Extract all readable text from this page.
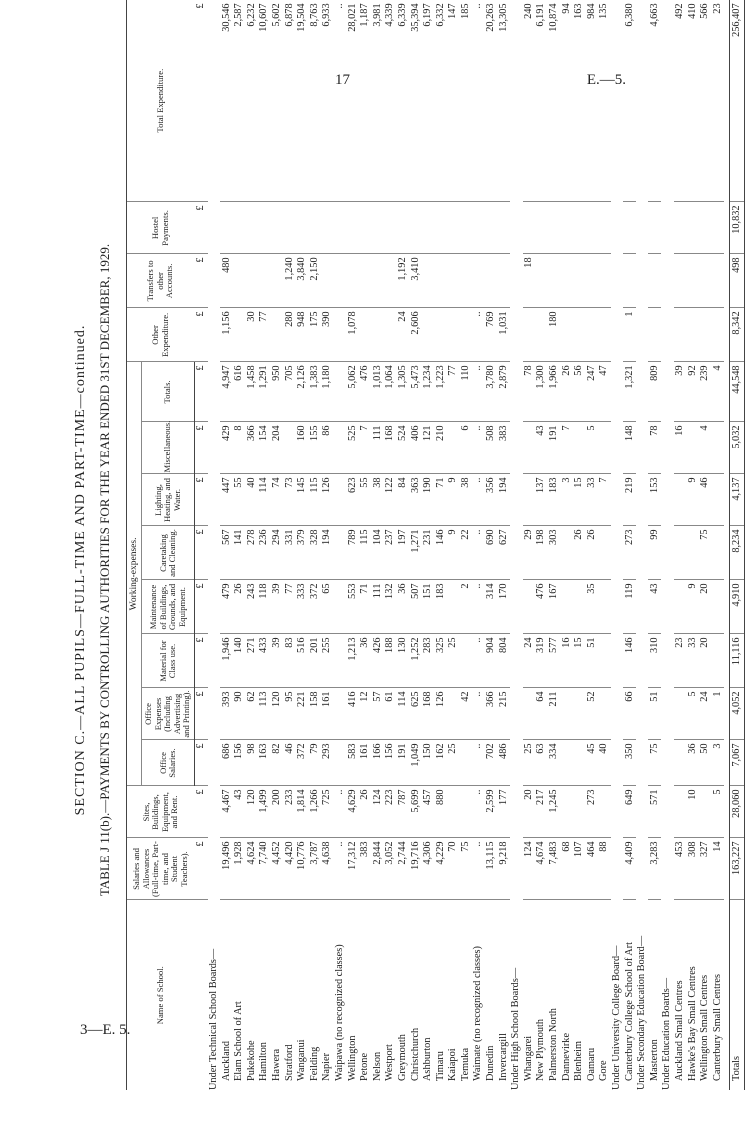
17	E.—5.
3—E. 5.
SECTION C.—ALL PUPILS—FULL-TIME AND PART-TIME—continued. TABLE J 11(b).—PAYMENTS BY CONTROLLING AUTHORITIES FOR THE YEAR ENDED 31ST DECEMBER, 1929.
Name of School.	Salaries and Allowances (Full-time, Part-time, and Student Teachers).	Sites, Buildings, Equipment, and Rent.	Working-expenses.								Other Expenditure.	Transfers to other Accounts.	Hostel Payments.	Total Expenditure.	
			Office Salaries.	Office Expenses (Including Advertising and Printing).	Material for Class use.	Maintenance of Buildings, Grounds, and Equipment.	Caretaking and Cleaning.	Lighting, Heating, and Water.	Miscellaneous.	Totals.					
	£	£	£	£	£	£	£	£	£	£	£	£	£	£	
Under Technical School Boards—															
Auckland	19,496	4,467	686	393	1,946	479	567	447	429	4,947	1,156	480		30,546	
Elam School of Art	1,928	43	156	90	140	26	141	55	8	616				2,587	
Pukekohe	4,624	120	98	62	271	243	278	40	366	1,458	30			6,232	
Hamilton	7,740	1,499	163	113	433	118	236	114	154	1,291	77			10,607	
Hawera	4,452	200	82	120	39	39	294	74	204	950				5,602	
Stratford	4,420	233	46	95	83	77	331	73		705	280	1,240		6,878	
Wanganui	10,776	1,814	372	221	516	333	379	145	160	2,126	948	3,840		19,504	
Feilding	3,787	1,266	79	158	201	372	328	115	155	1,383	175	2,150		8,763	
Napier	4,638	725	293	161	255	65	194	126	86	1,180	390			6,933	
Waipawa (no recognized classes)	..	..												..	
Wellington	17,312	4,629	583	416	1,213	553	789	623	525	5,062	1,078			28,021	
Petone	383	26	161	12	36	71	115	55	7	476				1,187	
Nelson	2,844	124	166	57	426	111	104	38	111	1,013				3,981	
Westport	3,052	223	156	61	188	132	237	122	168	1,064				4,339	
Greymouth	2,744	787	191	114	130	36	197	84	524	1,305	24	1,192		6,339	
Christchurch	19,716	5,699	1,049	625	1,252	507	1,271	363	406	5,473	2,606	3,410		35,394	
Ashburton	4,306	457	150	168	283	151	231	190	121	1,234				6,197	
Timaru	4,229	880	162	126	325	183	146	71	210	1,223				6,332	
Kaiapoi	70		25		25		9	9		77				147	
Temuka	75			42		2	22	38	6	110				185	
Waimate (no recognized classes)	..	..	..	..	..	..	..	..	..	..	..			..	
Dunedin	13,115	2,599	702	366	904	314	690	356	508	3,780	769			20,263	
Invercargill	9,218	177	486	215	804	170	627	194	383	2,879	1,031			13,305	
Under High School Boards—															
Whangarei	124	20	25		24		29			78		18		240	
New Plymouth	4,674	217	63	64	319	476	198	137	43	1,300				6,191	
Palmerston North	7,483	1,245	334	211	577	167	303	183	191	1,966	180			10,874	
Dannevirke	68				16			3	7	26				94	
Blenheim	107				15		26	15		56				163	
Oamaru	464	273	45	52	51	35	26	33	5	247				984	
Gore	88		40					7		47				135	
Under University College Board—															
Canterbury College School of Art	4,409	649	350	66	146	119	273	219	148	1,321	1			6,380	
Under Secondary Education Board—															
Masterton	3,283	571	75	51	310	43	99	153	78	809				4,663	
Under Education Boards—															
Auckland Small Centres	453				23				16	39				492	
Hawke's Bay Small Centres	308	10	36	5	33	9		9		92				410	
Wellington Small Centres	327		50	24	20	20	75	46	4	239				566	
Canterbury Small Centres	14	5	3	1						4				23	

Totals	163,227	28,060	7,067	4,052	11,116	4,910	8,234	4,137	5,032	44,548	8,342	498	10,832	256,407	
